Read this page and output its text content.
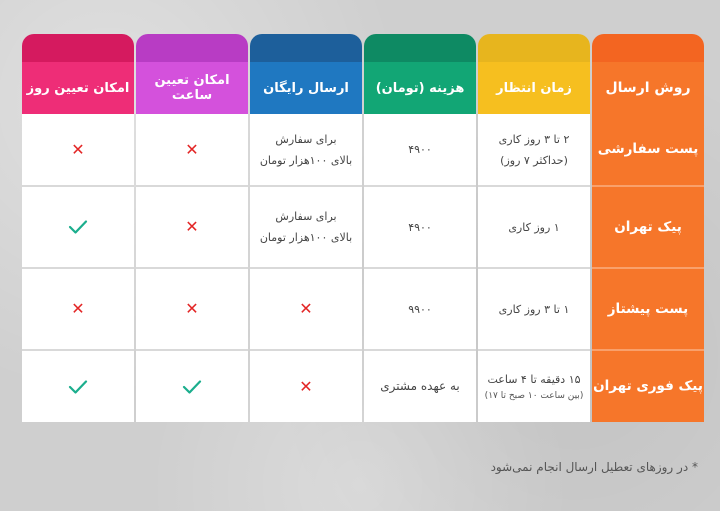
روش ارسال
پست سفارشی
پیک تهران
پست پیشتاز
پیک فوری تهران
زمان انتظار
۲ تا ۳ روز کاری
(حداکثر ۷ روز)
۱ روز کاری
۱ تا ۳ روز کاری
۱۵ دقیقه تا ۴ ساعت
(بین ساعت ۱۰ صبح تا ۱۷)
هزینه (تومان)
۴۹۰۰
۴۹۰۰
۹۹۰۰
به عهده مشتری
ارسال رایگان
برای سفارش
بالای ۱۰۰هزار تومان
برای سفارش
بالای ۱۰۰هزار تومان
✕
✕
امکان تعیین ساعت
✕
✕
✕
امکان تعیین روز
✕
✕
* در روزهای تعطیل ارسال انجام نمی‌شود
